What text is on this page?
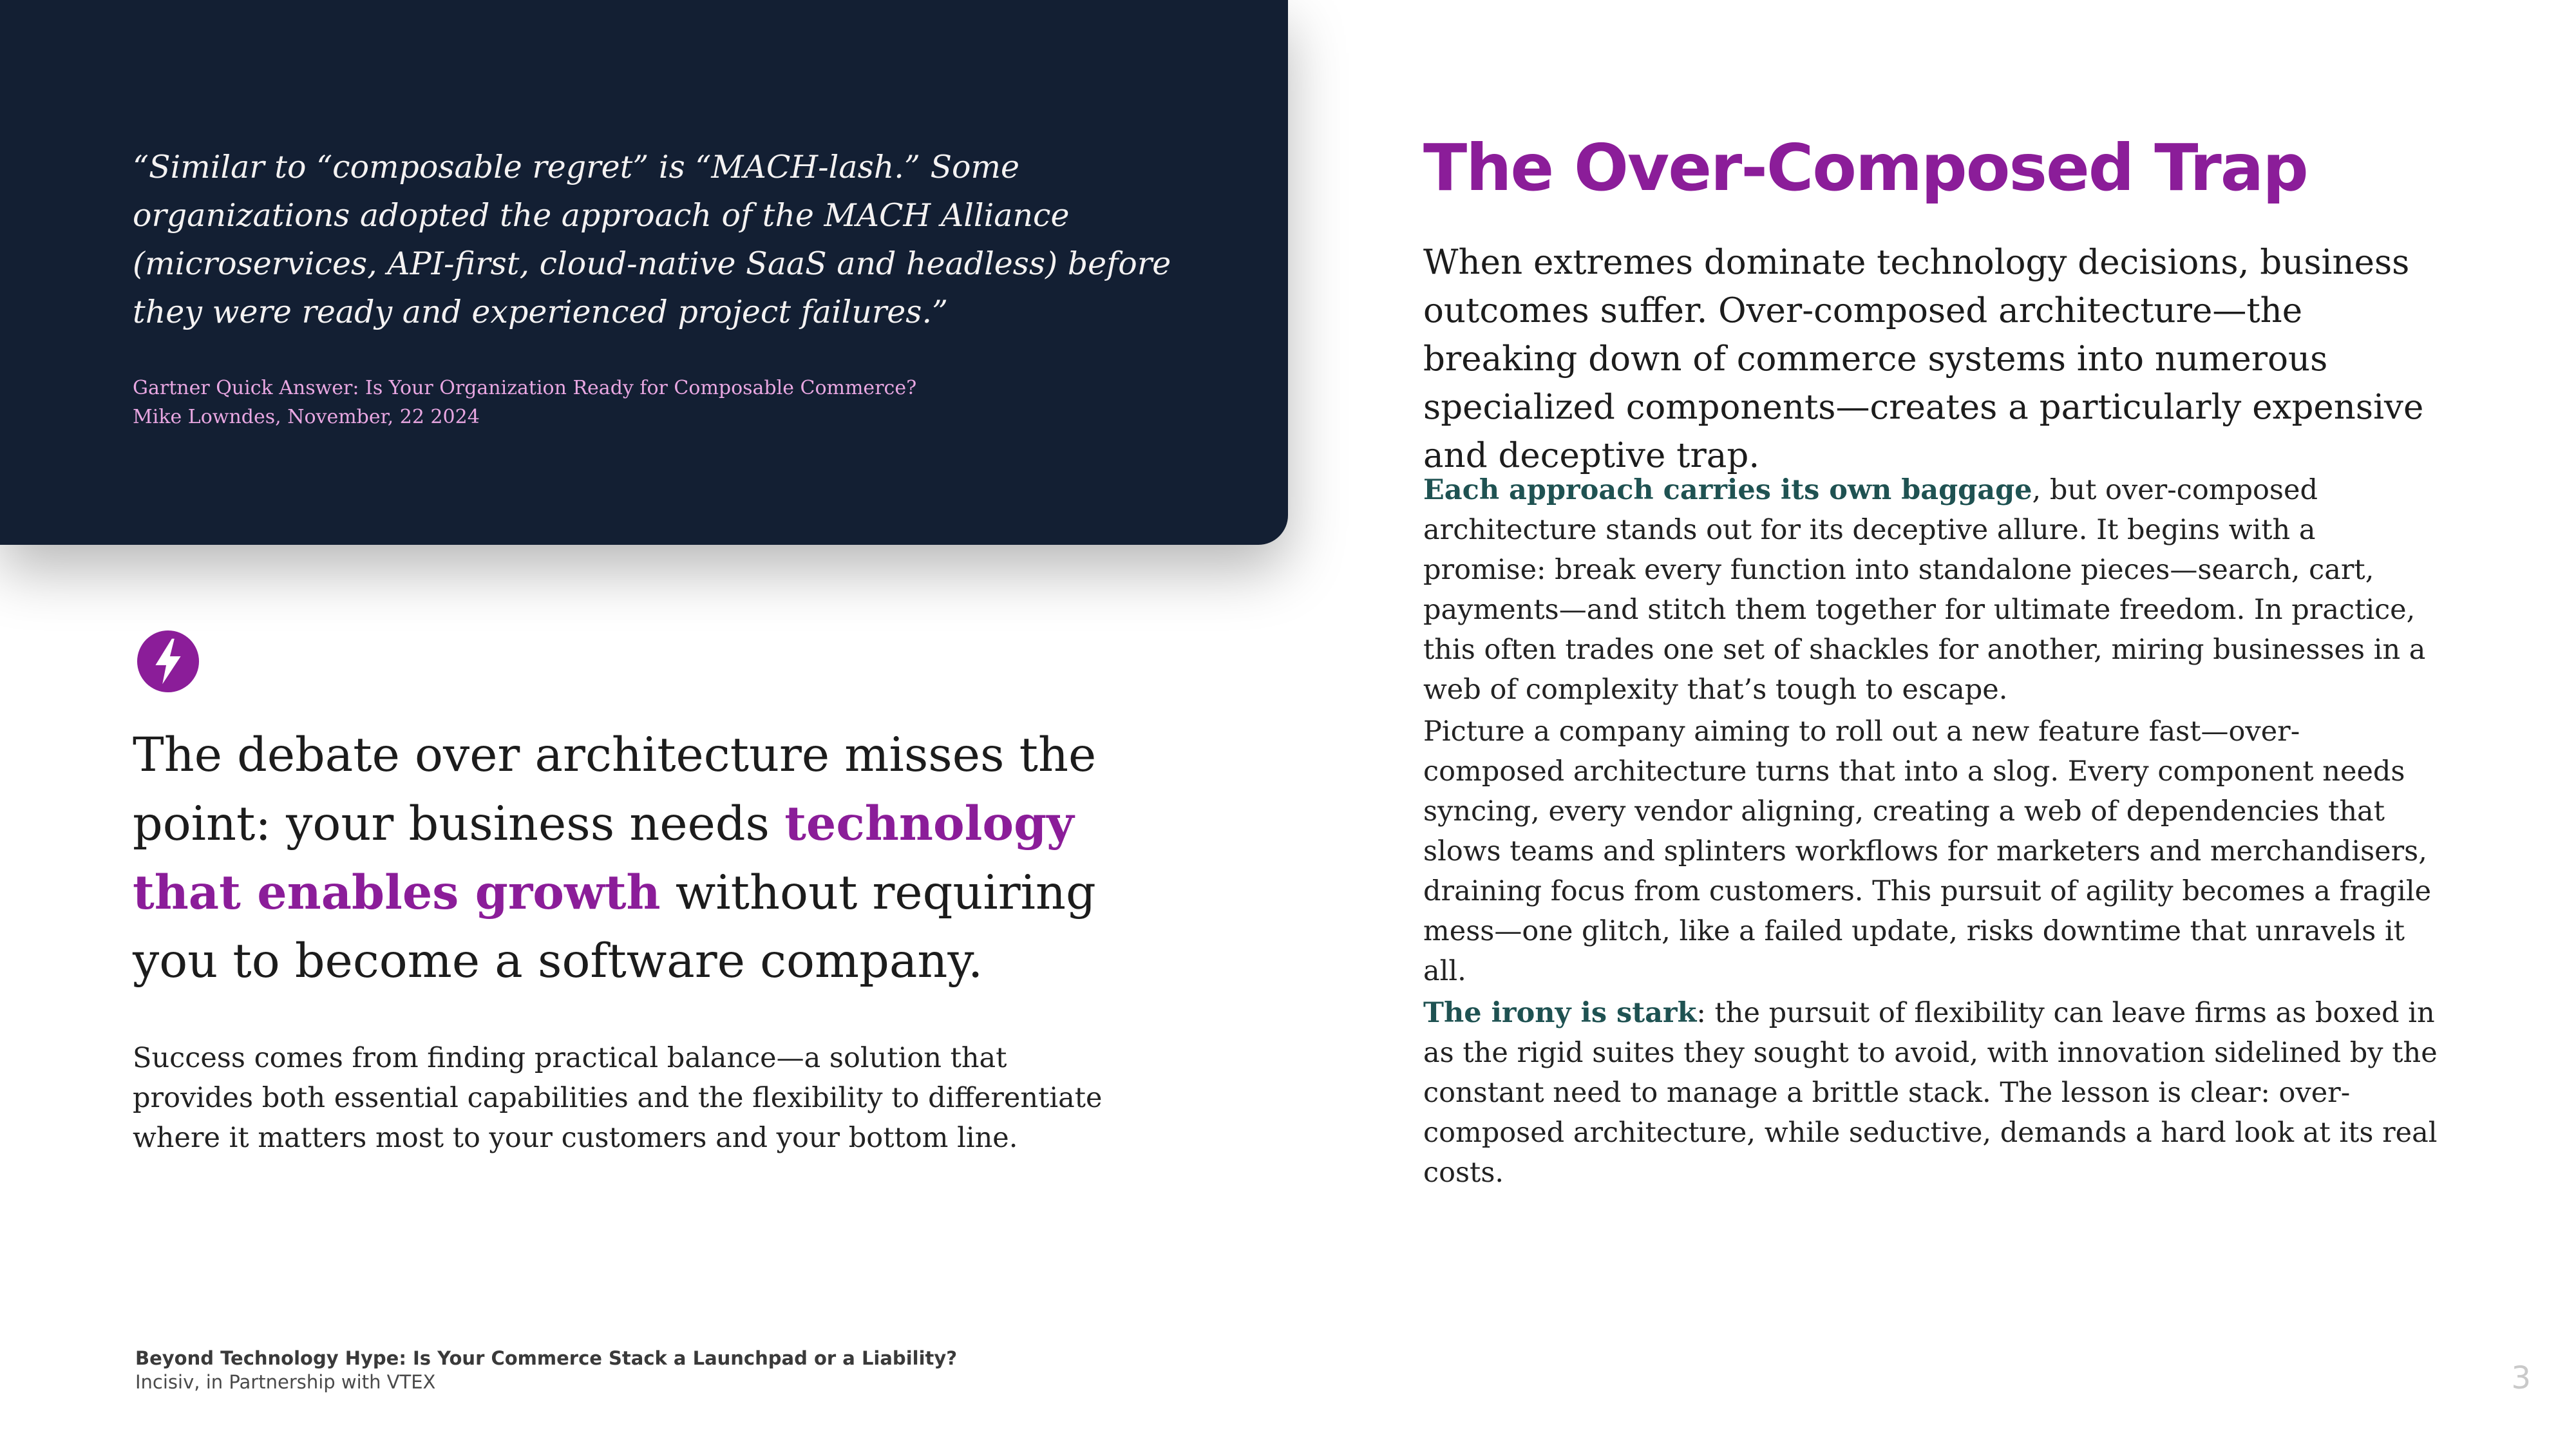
“Similar to “composable regret” is “MACH-lash.” Some organizations adopted the approach of the MACH Alliance (microservices, API-first, cloud-native SaaS and headless) before they were ready and experienced project failures.”

Gartner Quick Answer: Is Your Organization Ready for Composable Commerce?
Mike Lowndes, November, 22 2024

The debate over architecture misses the point: your business needs technology that enables growth without requiring you to become a software company.

Success comes from finding practical balance—a solution that provides both essential capabilities and the flexibility to differentiate where it matters most to your customers and your bottom line.

The Over-Composed Trap

When extremes dominate technology decisions, business outcomes suffer. Over-composed architecture—the breaking down of commerce systems into numerous specialized components—creates a particularly expensive and deceptive trap.

Each approach carries its own baggage, but over-composed architecture stands out for its deceptive allure. It begins with a promise: break every function into standalone pieces—search, cart, payments—and stitch them together for ultimate freedom. In practice, this often trades one set of shackles for another, miring businesses in a web of complexity that’s tough to escape.

Picture a company aiming to roll out a new feature fast—over-composed architecture turns that into a slog. Every component needs syncing, every vendor aligning, creating a web of dependencies that slows teams and splinters workflows for marketers and merchandisers, draining focus from customers. This pursuit of agility becomes a fragile mess—one glitch, like a failed update, risks downtime that unravels it all.

The irony is stark: the pursuit of flexibility can leave firms as boxed in as the rigid suites they sought to avoid, with innovation sidelined by the constant need to manage a brittle stack. The lesson is clear: over-composed architecture, while seductive, demands a hard look at its real costs.

Beyond Technology Hype: Is Your Commerce Stack a Launchpad or a Liability?
Incisiv, in Partnership with VTEX	3
